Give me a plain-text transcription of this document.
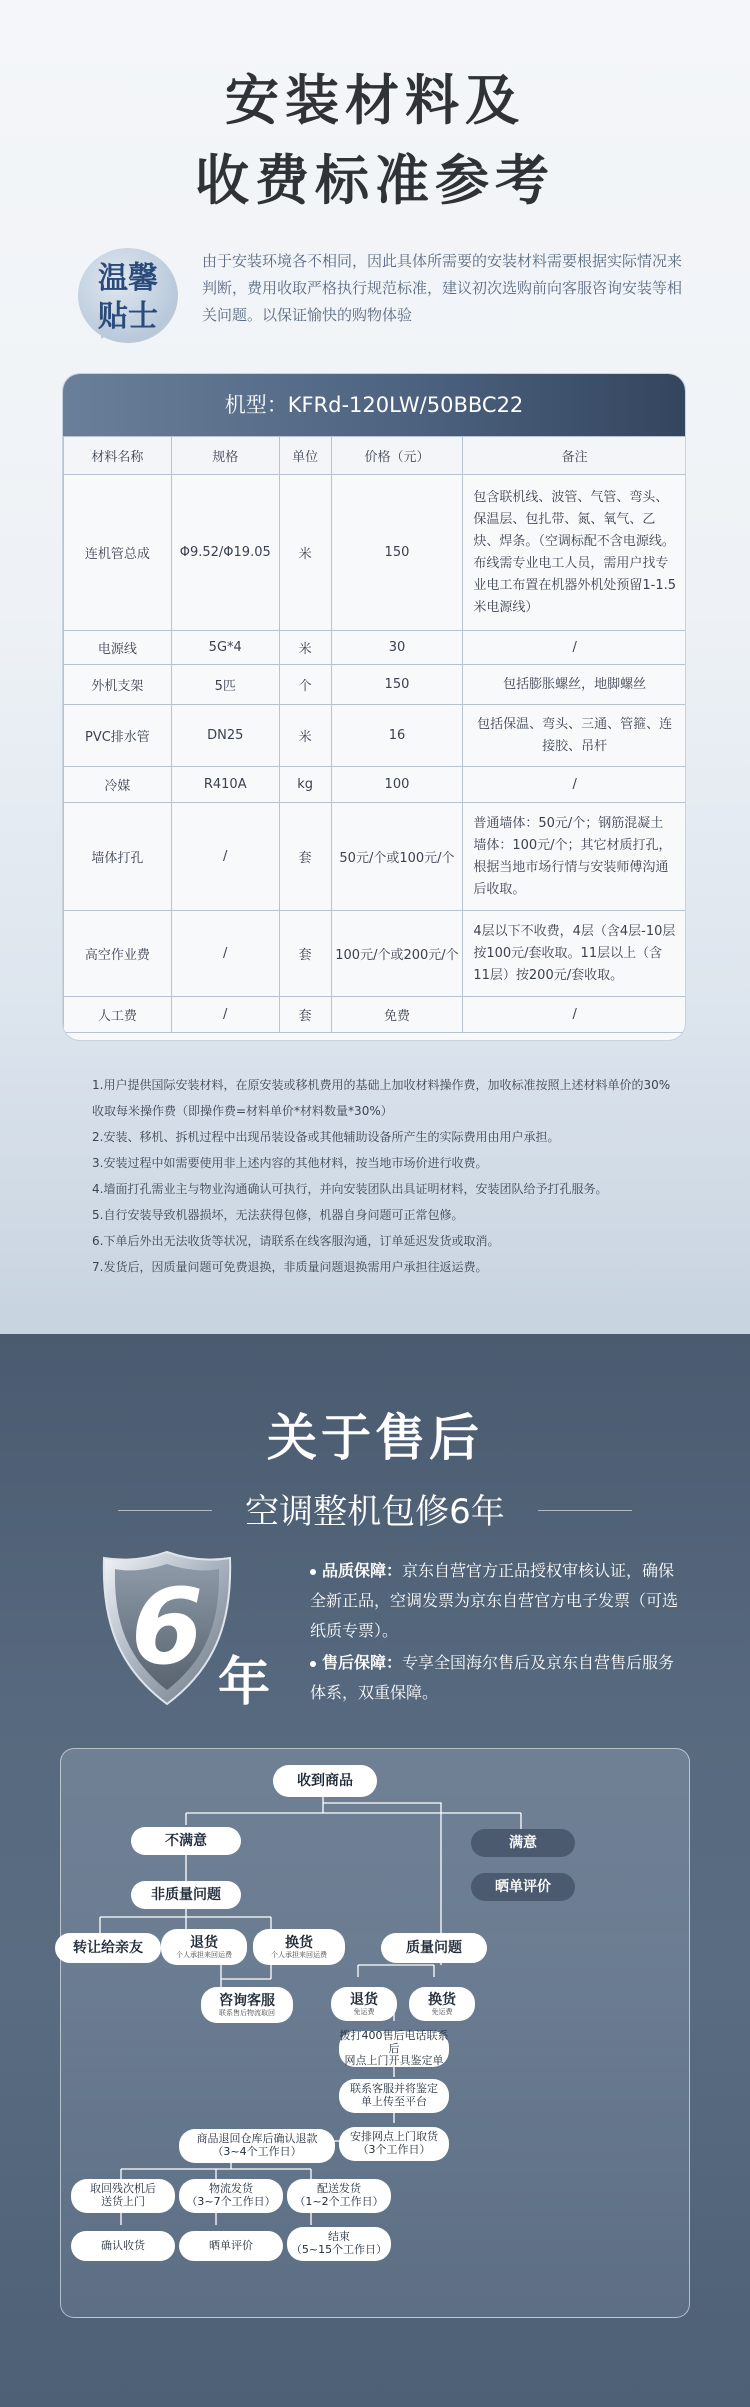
安装材料及
收费标准参考
温馨
贴士
由于安装环境各不相同，因此具体所需要的安装材料需要根据实际情况来判断，费用收取严格执行规范标准，建议初次选购前向客服咨询安装等相关问题。以保证愉快的购物体验
机型：KFRd-120LW/50BBC22
材料名称	规格	单位	价格（元）	备注
连机管总成	Φ9.52/Φ19.05	米	150	包含联机线、波管、气管、弯头、保温层、包扎带、氮、氧气、乙炔、焊条。（空调标配不含电源线。布线需专业电工人员，需用户找专业电工布置在机器外机处预留1-1.5米电源线）
电源线	5G*4	米	30	/
外机支架	5匹	个	150	包括膨胀螺丝，地脚螺丝
PVC排水管	DN25	米	16	包括保温、弯头、三通、管箍、连接胶、吊杆
冷媒	R410A	kg	100	/
墙体打孔	/	套	50元/个或100元/个	普通墙体：50元/个；钢筋混凝土墙体：100元/个；其它材质打孔，根据当地市场行情与安装师傅沟通后收取。
高空作业费	/	套	100元/个或200元/个	4层以下不收费，4层（含4层-10层按100元/套收取。11层以上（含11层）按200元/套收取。
人工费	/	套	免费	/

1.用户提供国际安装材料，在原安装或移机费用的基础上加收材料操作费，加收标准按照上述材料单价的30%收取每米操作费（即操作费=材料单价*材料数量*30%）

2.安装、移机、拆机过程中出现吊装设备或其他辅助设备所产生的实际费用由用户承担。

3.安装过程中如需要使用非上述内容的其他材料，按当地市场价进行收费。

4.墙面打孔需业主与物业沟通确认可执行，并向安装团队出具证明材料，安装团队给予打孔服务。

5.自行安装导致机器损坏，无法获得包修，机器自身问题可正常包修。

6.下单后外出无法收货等状况，请联系在线客服沟通，订单延迟发货或取消。

7.发货后，因质量问题可免费退换，非质量问题退换需用户承担往返运费。

关于售后
空调整机包修6年
6 年

品质保障：京东自营官方正品授权审核认证，确保全新正品，空调发票为京东自营官方电子发票（可选纸质专票）。

售后保障：专享全国海尔售后及京东自营售后服务体系，双重保障。

收到商品
不满意	满意
晒单评价
非质量问题
转让给亲友	退货
个人承担来回运费
换货
个人承担来回运费	质量问题
咨询客服
联系售后物流取回
退货
免运费
换货
免运费
拨打400售后电话联系后
网点上门开具鉴定单
联系客服并将鉴定
单上传至平台
商品退回仓库后确认退款
（3~4个工作日）
安排网点上门取货
（3个工作日）
取回残次机后
送货上门
物流发货
（3~7个工作日）
配送发货
（1~2个工作日）
确认收货	晒单评价
结束
（5~15个工作日）
